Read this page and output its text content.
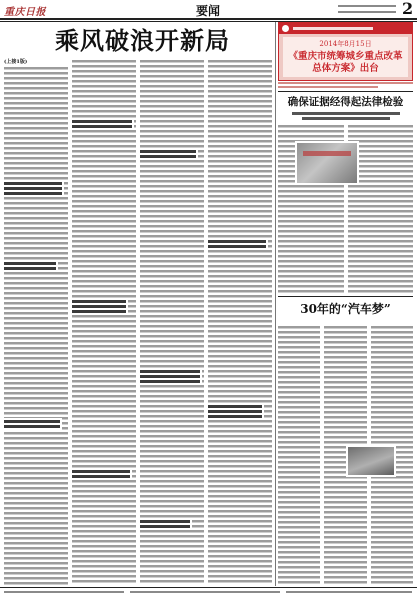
重庆日报	要闻	2
乘风破浪开新局
(上接1版)
2014年8月15日
《重庆市统筹城乡重点改革
总体方案》出台
确保证据经得起法律检验
30年的“汽车梦”
